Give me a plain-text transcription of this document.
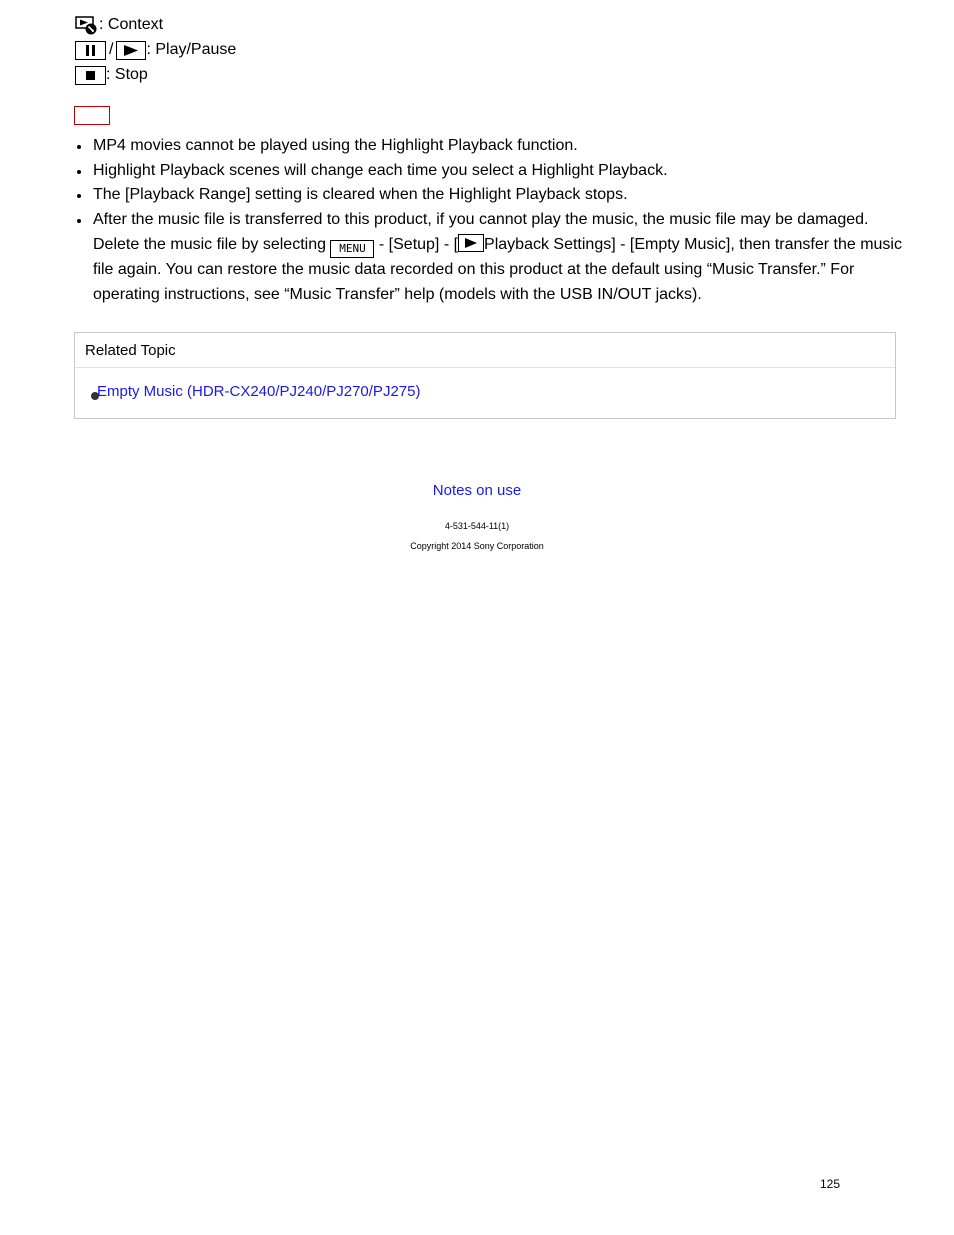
: Context
/ : Play/Pause
: Stop
MP4 movies cannot be played using the Highlight Playback function.
Highlight Playback scenes will change each time you select a Highlight Playback.
The [Playback Range] setting is cleared when the Highlight Playback stops.
After the music file is transferred to this product, if you cannot play the music, the music file may be damaged. Delete the music file by selecting MENU - [Setup] - [ Playback Settings] - [Empty Music], then transfer the music file again. You can restore the music data recorded on this product at the default using “Music Transfer.” For operating instructions, see “Music Transfer” help (models with the USB IN/OUT jacks).
Related Topic
Empty Music (HDR-CX240/PJ240/PJ270/PJ275)
Notes on use
4-531-544-11(1)
Copyright 2014 Sony Corporation
125
